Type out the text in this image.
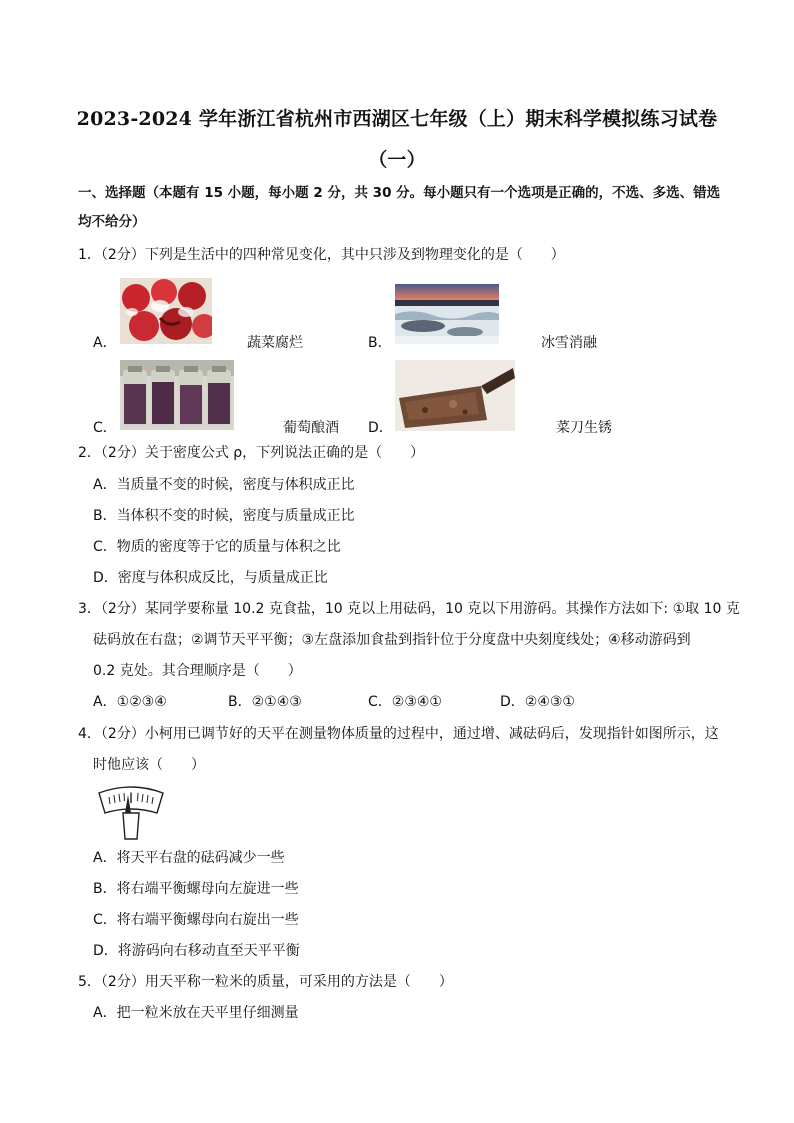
2023-2024 学年浙江省杭州市西湖区七年级（上）期末科学模拟练习试卷
（一）
一、选择题（本题有 15 小题，每小题 2 分，共 30 分。每小题只有一个选项是正确的，不选、多选、错选
均不给分）
1．（2分）下列是生活中的四种常见变化，其中只涉及到物理变化的是（　　）
A．	蔬菜腐烂	B．	冰雪消融
C．	葡萄酿酒 D．	菜刀生锈
2．（2分）关于密度公式 ρ，下列说法正确的是（　　）
A．当质量不变的时候，密度与体积成正比
B．当体积不变的时候，密度与质量成正比
C．物质的密度等于它的质量与体积之比
D．密度与体积成反比，与质量成正比
3．（2分）某同学要称量 10.2 克食盐，10 克以上用砝码，10 克以下用游码。其操作方法如下: ①取 10 克
砝码放在右盘；②调节天平平衡；③左盘添加食盐到指针位于分度盘中央刻度线处；④移动游码到
0.2 克处。其合理顺序是（　　）
A．①②③④	B．②①④③	C．②③④①	D．②④③①
4．（2分）小柯用已调节好的天平在测量物体质量的过程中，通过增、减砝码后，发现指针如图所示，这
时他应该（　　）
A．将天平右盘的砝码减少一些
B．将右端平衡螺母向左旋进一些
C．将右端平衡螺母向右旋出一些
D．将游码向右移动直至天平平衡
5．（2分）用天平称一粒米的质量，可采用的方法是（　　）
A．把一粒米放在天平里仔细测量
